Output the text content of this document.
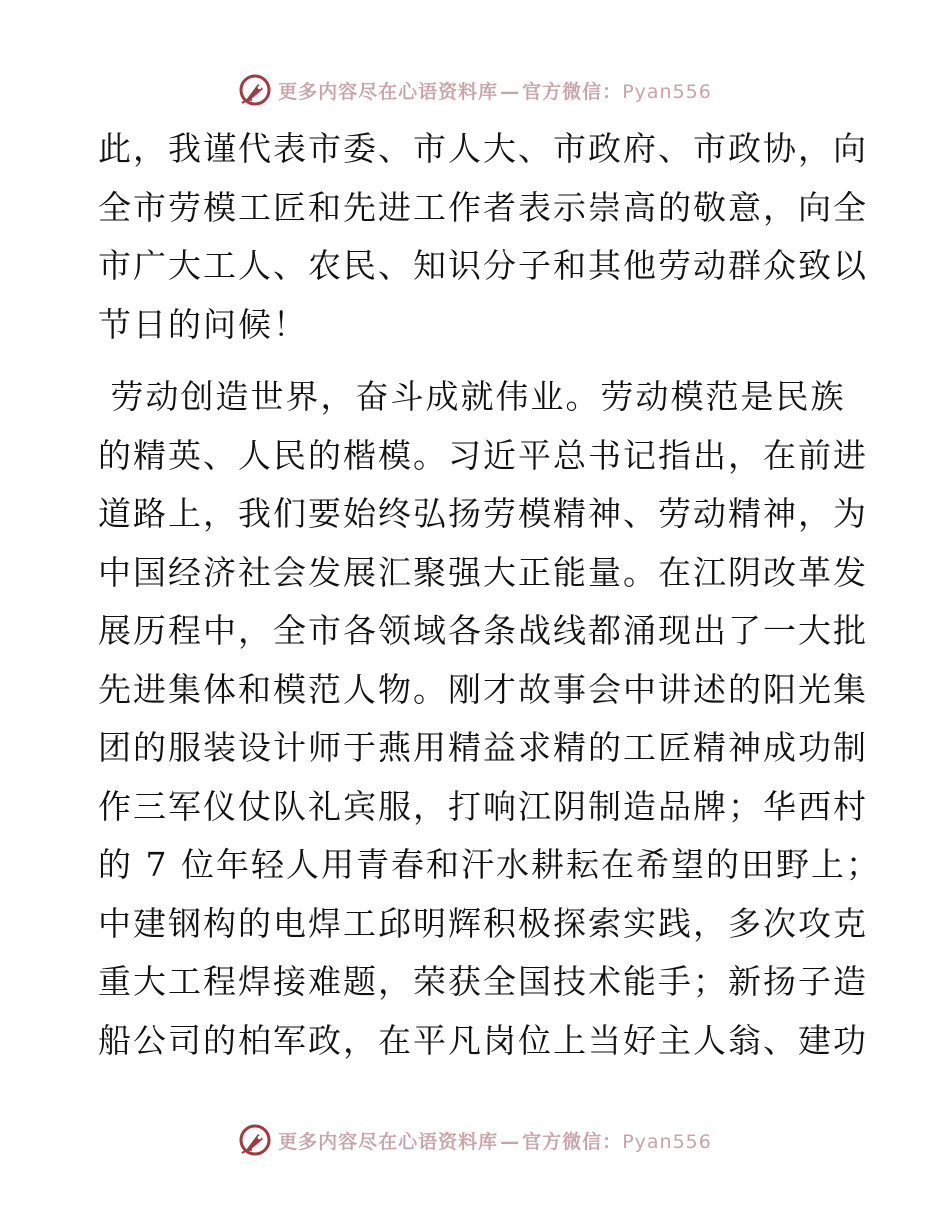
更多内容尽在心语资料库 — 官方微信：Pyan556
此，我谨代表市委、市人大、市政府、市政协，向
全市劳模工匠和先进工作者表示崇高的敬意，向全
市广大工人、农民、知识分子和其他劳动群众致以
节日的问候！
劳动创造世界，奋斗成就伟业。劳动模范是民族
的精英、人民的楷模。习近平总书记指出，在前进
道路上，我们要始终弘扬劳模精神、劳动精神，为
中国经济社会发展汇聚强大正能量。在江阴改革发
展历程中，全市各领域各条战线都涌现出了一大批
先进集体和模范人物。刚才故事会中讲述的阳光集
团的服装设计师于燕用精益求精的工匠精神成功制
作三军仪仗队礼宾服，打响江阴制造品牌；华西村
的 7 位年轻人用青春和汗水耕耘在希望的田野上；
中建钢构的电焊工邱明辉积极探索实践，多次攻克
重大工程焊接难题，荣获全国技术能手；新扬子造
船公司的柏军政，在平凡岗位上当好主人翁、建功
更多内容尽在心语资料库 — 官方微信：Pyan556
